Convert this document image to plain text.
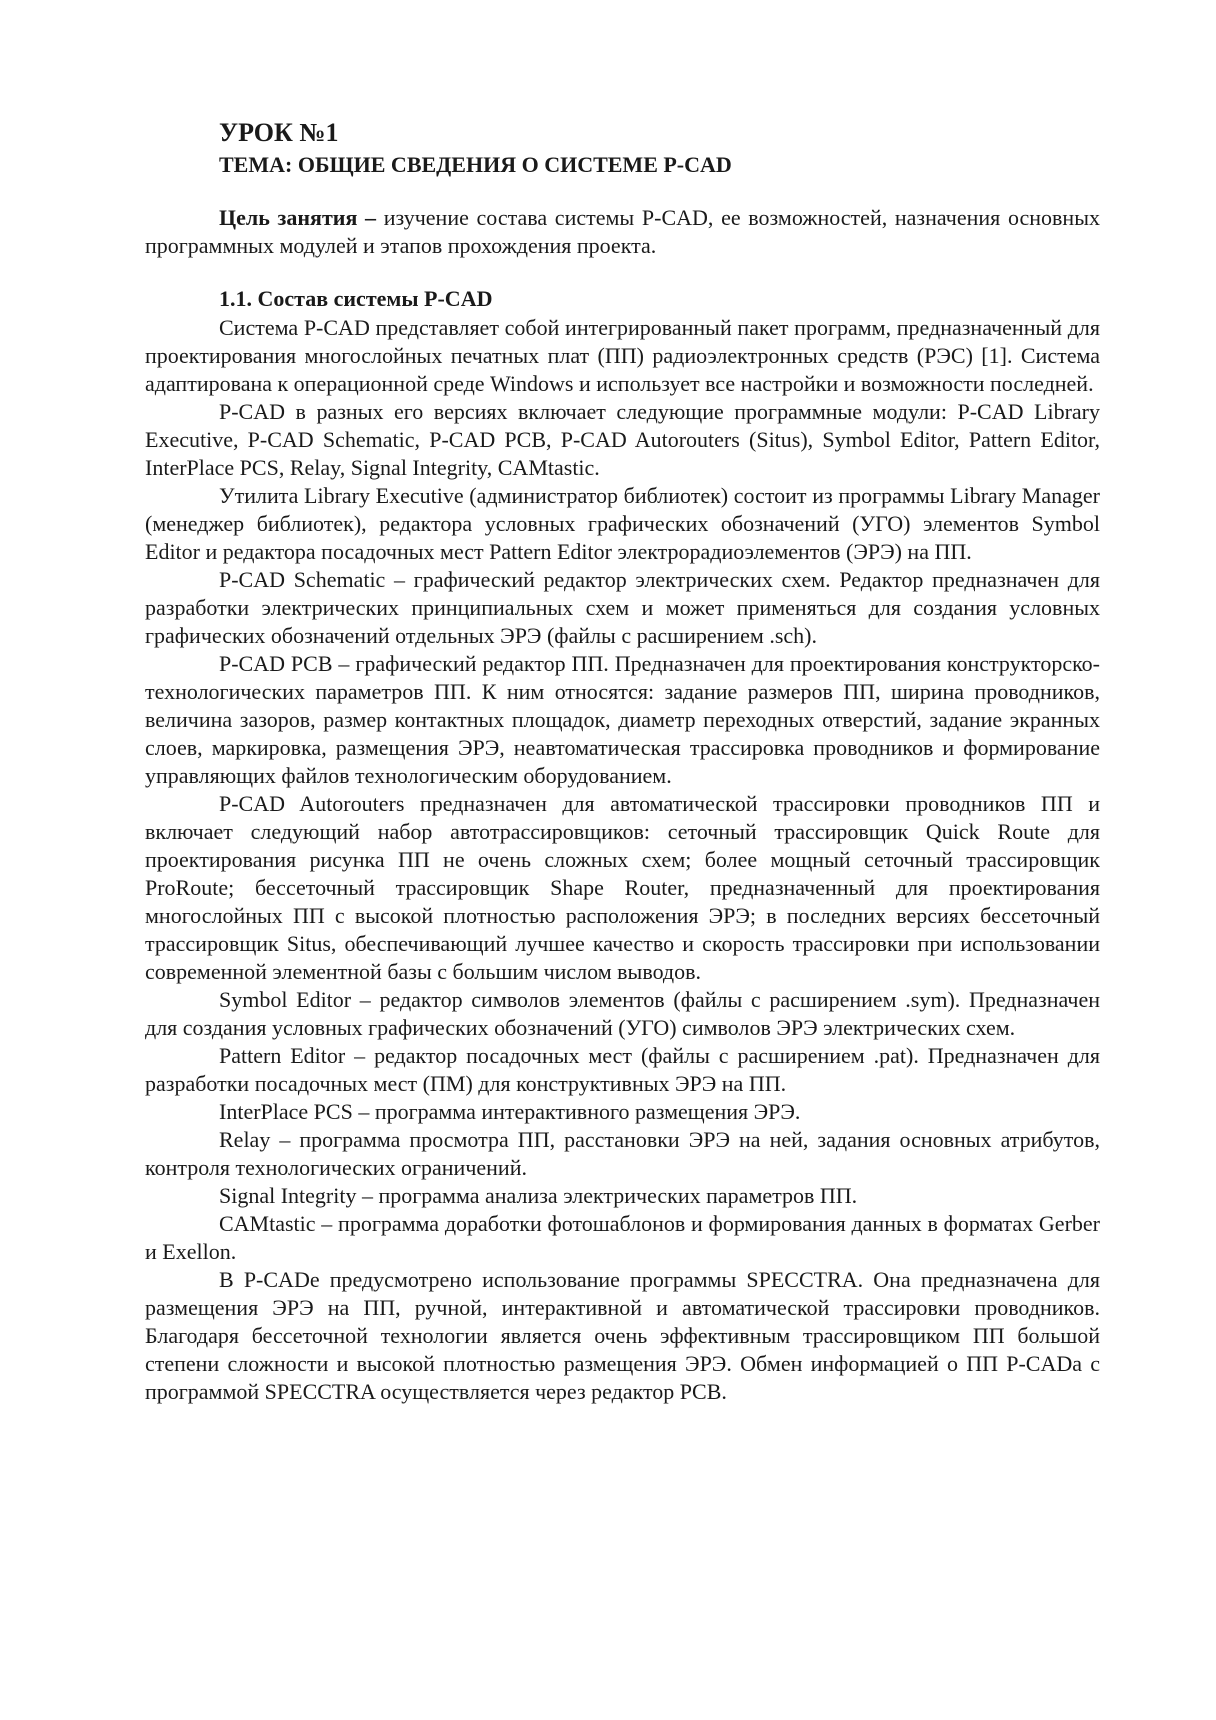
УРОК №1
ТЕМА: ОБЩИЕ СВЕДЕНИЯ О СИСТЕМЕ P-CAD

Цель занятия – изучение состава системы P-CAD, ее возможностей, назначения основных программных модулей и этапов прохождения проекта.

1.1. Состав системы P-CAD

Система P-CAD представляет собой интегрированный пакет программ, предназначенный для проектирования многослойных печатных плат (ПП) радиоэлектронных средств (РЭС) [1]. Система адаптирована к операционной среде Windows и использует все настройки и возможности последней.

P-CAD в разных его версиях включает следующие программные модули: P-CAD Library Executive, P-CAD Schematic, P-CAD PCB, P-CAD Autorouters (Situs), Symbol Editor, Pattern Editor, InterPlace PCS, Relay, Signal Integrity, CAMtastic.

Утилита Library Executive (администратор библиотек) состоит из программы Library Manager (менеджер библиотек), редактора условных графических обозначений (УГО) элементов Symbol Editor и редактора посадочных мест Pattern Editor электрорадиоэлементов (ЭРЭ) на ПП.

P-CAD Schematic – графический редактор электрических схем. Редактор предназначен для разработки электрических принципиальных схем и может применяться для создания условных графических обозначений отдельных ЭРЭ (файлы с расширением .sch).

P-CAD PCB – графический редактор ПП. Предназначен для проектирования конструкторско-технологических параметров ПП. К ним относятся: задание размеров ПП, ширина проводников, величина зазоров, размер контактных площадок, диаметр переходных отверстий, задание экранных слоев, маркировка, размещения ЭРЭ, неавтоматическая трассировка проводников и формирование управляющих файлов технологическим оборудованием.

P-CAD Autorouters предназначен для автоматической трассировки проводников ПП и включает следующий набор автотрассировщиков: сеточный трассировщик Quick Route для проектирования рисунка ПП не очень сложных схем; более мощный сеточный трассировщик ProRoute; бессеточный трассировщик Shape Router, предназначенный для проектирования многослойных ПП с высокой плотностью расположения ЭРЭ; в последних версиях бессеточный трассировщик Situs, обеспечивающий лучшее качество и скорость трассировки при использовании современной элементной базы с большим числом выводов.

Symbol Editor – редактор символов элементов (файлы с расширением .sym). Предназначен для создания условных графических обозначений (УГО) символов ЭРЭ электрических схем.

Pattern Editor – редактор посадочных мест (файлы с расширением .pat). Предназначен для разработки посадочных мест (ПМ) для конструктивных ЭРЭ на ПП.

InterPlace PCS – программа интерактивного размещения ЭРЭ.

Relay – программа просмотра ПП, расстановки ЭРЭ на ней, задания основных атрибутов, контроля технологических ограничений.

Signal Integrity – программа анализа электрических параметров ПП.

CAMtastic – программа доработки фотошаблонов и формирования данных в форматах Gerber и Exellon.

В P-CADе предусмотрено использование программы SPECCTRA. Она предназначена для размещения ЭРЭ на ПП, ручной, интерактивной и автоматической трассировки проводников. Благодаря бессеточной технологии является очень эффективным трассировщиком ПП большой степени сложности и высокой плотностью размещения ЭРЭ. Обмен информацией о ПП P-CADа с программой SPECCTRA осуществляется через редактор PCB.
